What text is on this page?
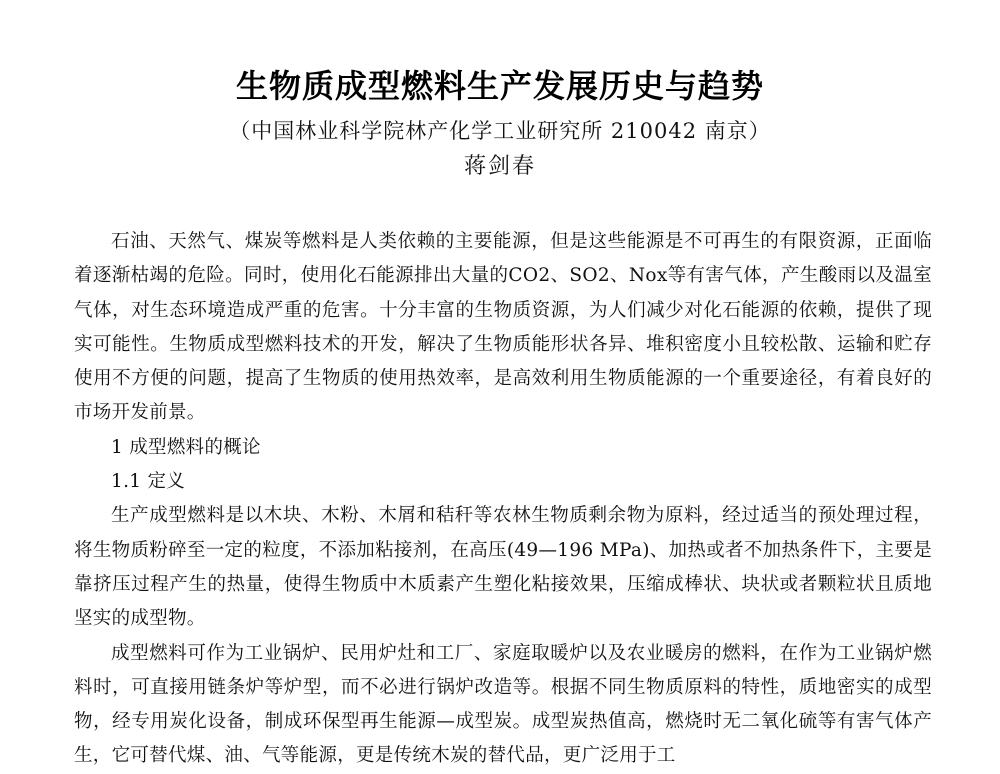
生物质成型燃料生产发展历史与趋势
（中国林业科学院林产化学工业研究所 210042 南京）
蒋剑春

石油、天然气、煤炭等燃料是人类依赖的主要能源，但是这些能源是不可再生的有限资源，正面临着逐渐枯竭的危险。同时，使用化石能源排出大量的CO2、SO2、Nox等有害气体，产生酸雨以及温室气体，对生态环境造成严重的危害。十分丰富的生物质资源，为人们减少对化石能源的依赖，提供了现实可能性。生物质成型燃料技术的开发，解决了生物质能形状各异、堆积密度小且较松散、运输和贮存使用不方便的问题，提高了生物质的使用热效率，是高效利用生物质能源的一个重要途径，有着良好的市场开发前景。

1 成型燃料的概论

1.1 定义

生产成型燃料是以木块、木粉、木屑和秸秆等农林生物质剩余物为原料，经过适当的预处理过程，将生物质粉碎至一定的粒度，不添加粘接剂，在高压(49—196 MPa)、加热或者不加热条件下，主要是靠挤压过程产生的热量，使得生物质中木质素产生塑化粘接效果，压缩成棒状、块状或者颗粒状且质地坚实的成型物。

成型燃料可作为工业锅炉、民用炉灶和工厂、家庭取暖炉以及农业暖房的燃料，在作为工业锅炉燃料时，可直接用链条炉等炉型，而不必进行锅炉改造等。根据不同生物质原料的特性，质地密实的成型物，经专用炭化设备，制成环保型再生能源—成型炭。成型炭热值高，燃烧时无二氧化硫等有害气体产生，它可替代煤、油、气等能源，更是传统木炭的替代品，更广泛用于工
